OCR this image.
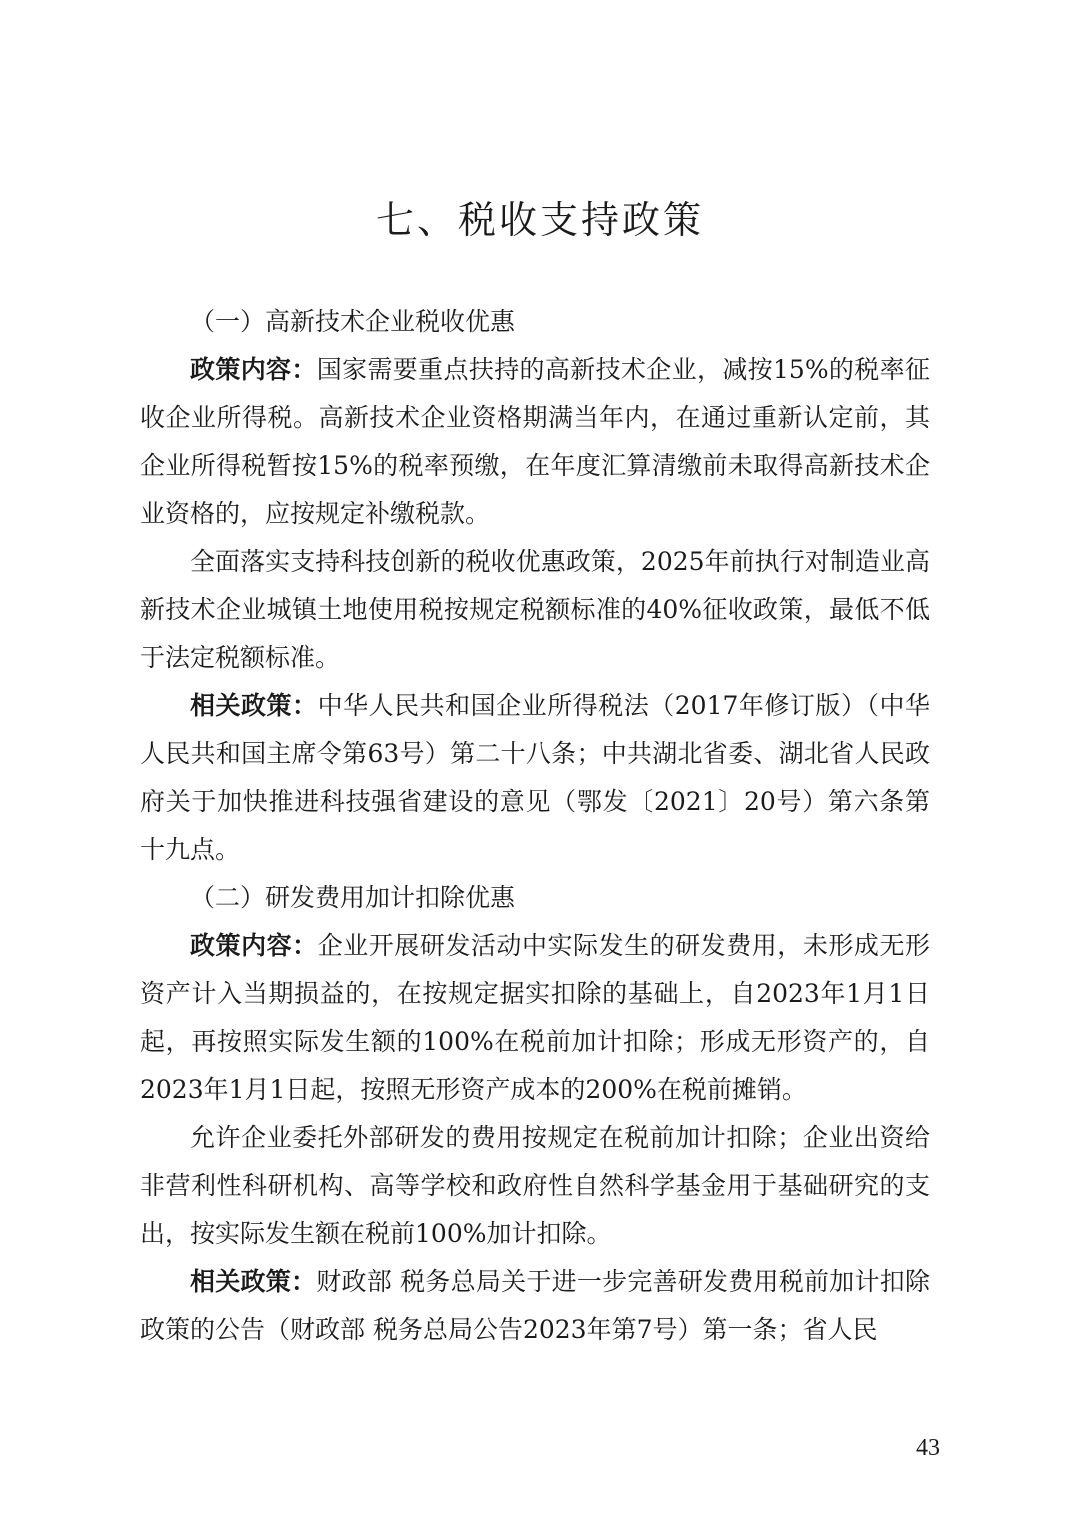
七、税收支持政策

（一）高新技术企业税收优惠

政策内容：国家需要重点扶持的高新技术企业，减按15%的税率征收企业所得税。高新技术企业资格期满当年内，在通过重新认定前，其企业所得税暂按15%的税率预缴，在年度汇算清缴前未取得高新技术企业资格的，应按规定补缴税款。

全面落实支持科技创新的税收优惠政策，2025年前执行对制造业高新技术企业城镇土地使用税按规定税额标准的40%征收政策，最低不低于法定税额标准。

相关政策：中华人民共和国企业所得税法（2017年修订版）（中华人民共和国主席令第63号）第二十八条；中共湖北省委、湖北省人民政府关于加快推进科技强省建设的意见（鄂发〔2021〕20号）第六条第十九点。

（二）研发费用加计扣除优惠

政策内容：企业开展研发活动中实际发生的研发费用，未形成无形资产计入当期损益的，在按规定据实扣除的基础上，自2023年1月1日起，再按照实际发生额的100%在税前加计扣除；形成无形资产的，自2023年1月1日起，按照无形资产成本的200%在税前摊销。

允许企业委托外部研发的费用按规定在税前加计扣除；企业出资给非营利性科研机构、高等学校和政府性自然科学基金用于基础研究的支出，按实际发生额在税前100%加计扣除。

相关政策：财政部 税务总局关于进一步完善研发费用税前加计扣除政策的公告（财政部 税务总局公告2023年第7号）第一条；省人民

43
